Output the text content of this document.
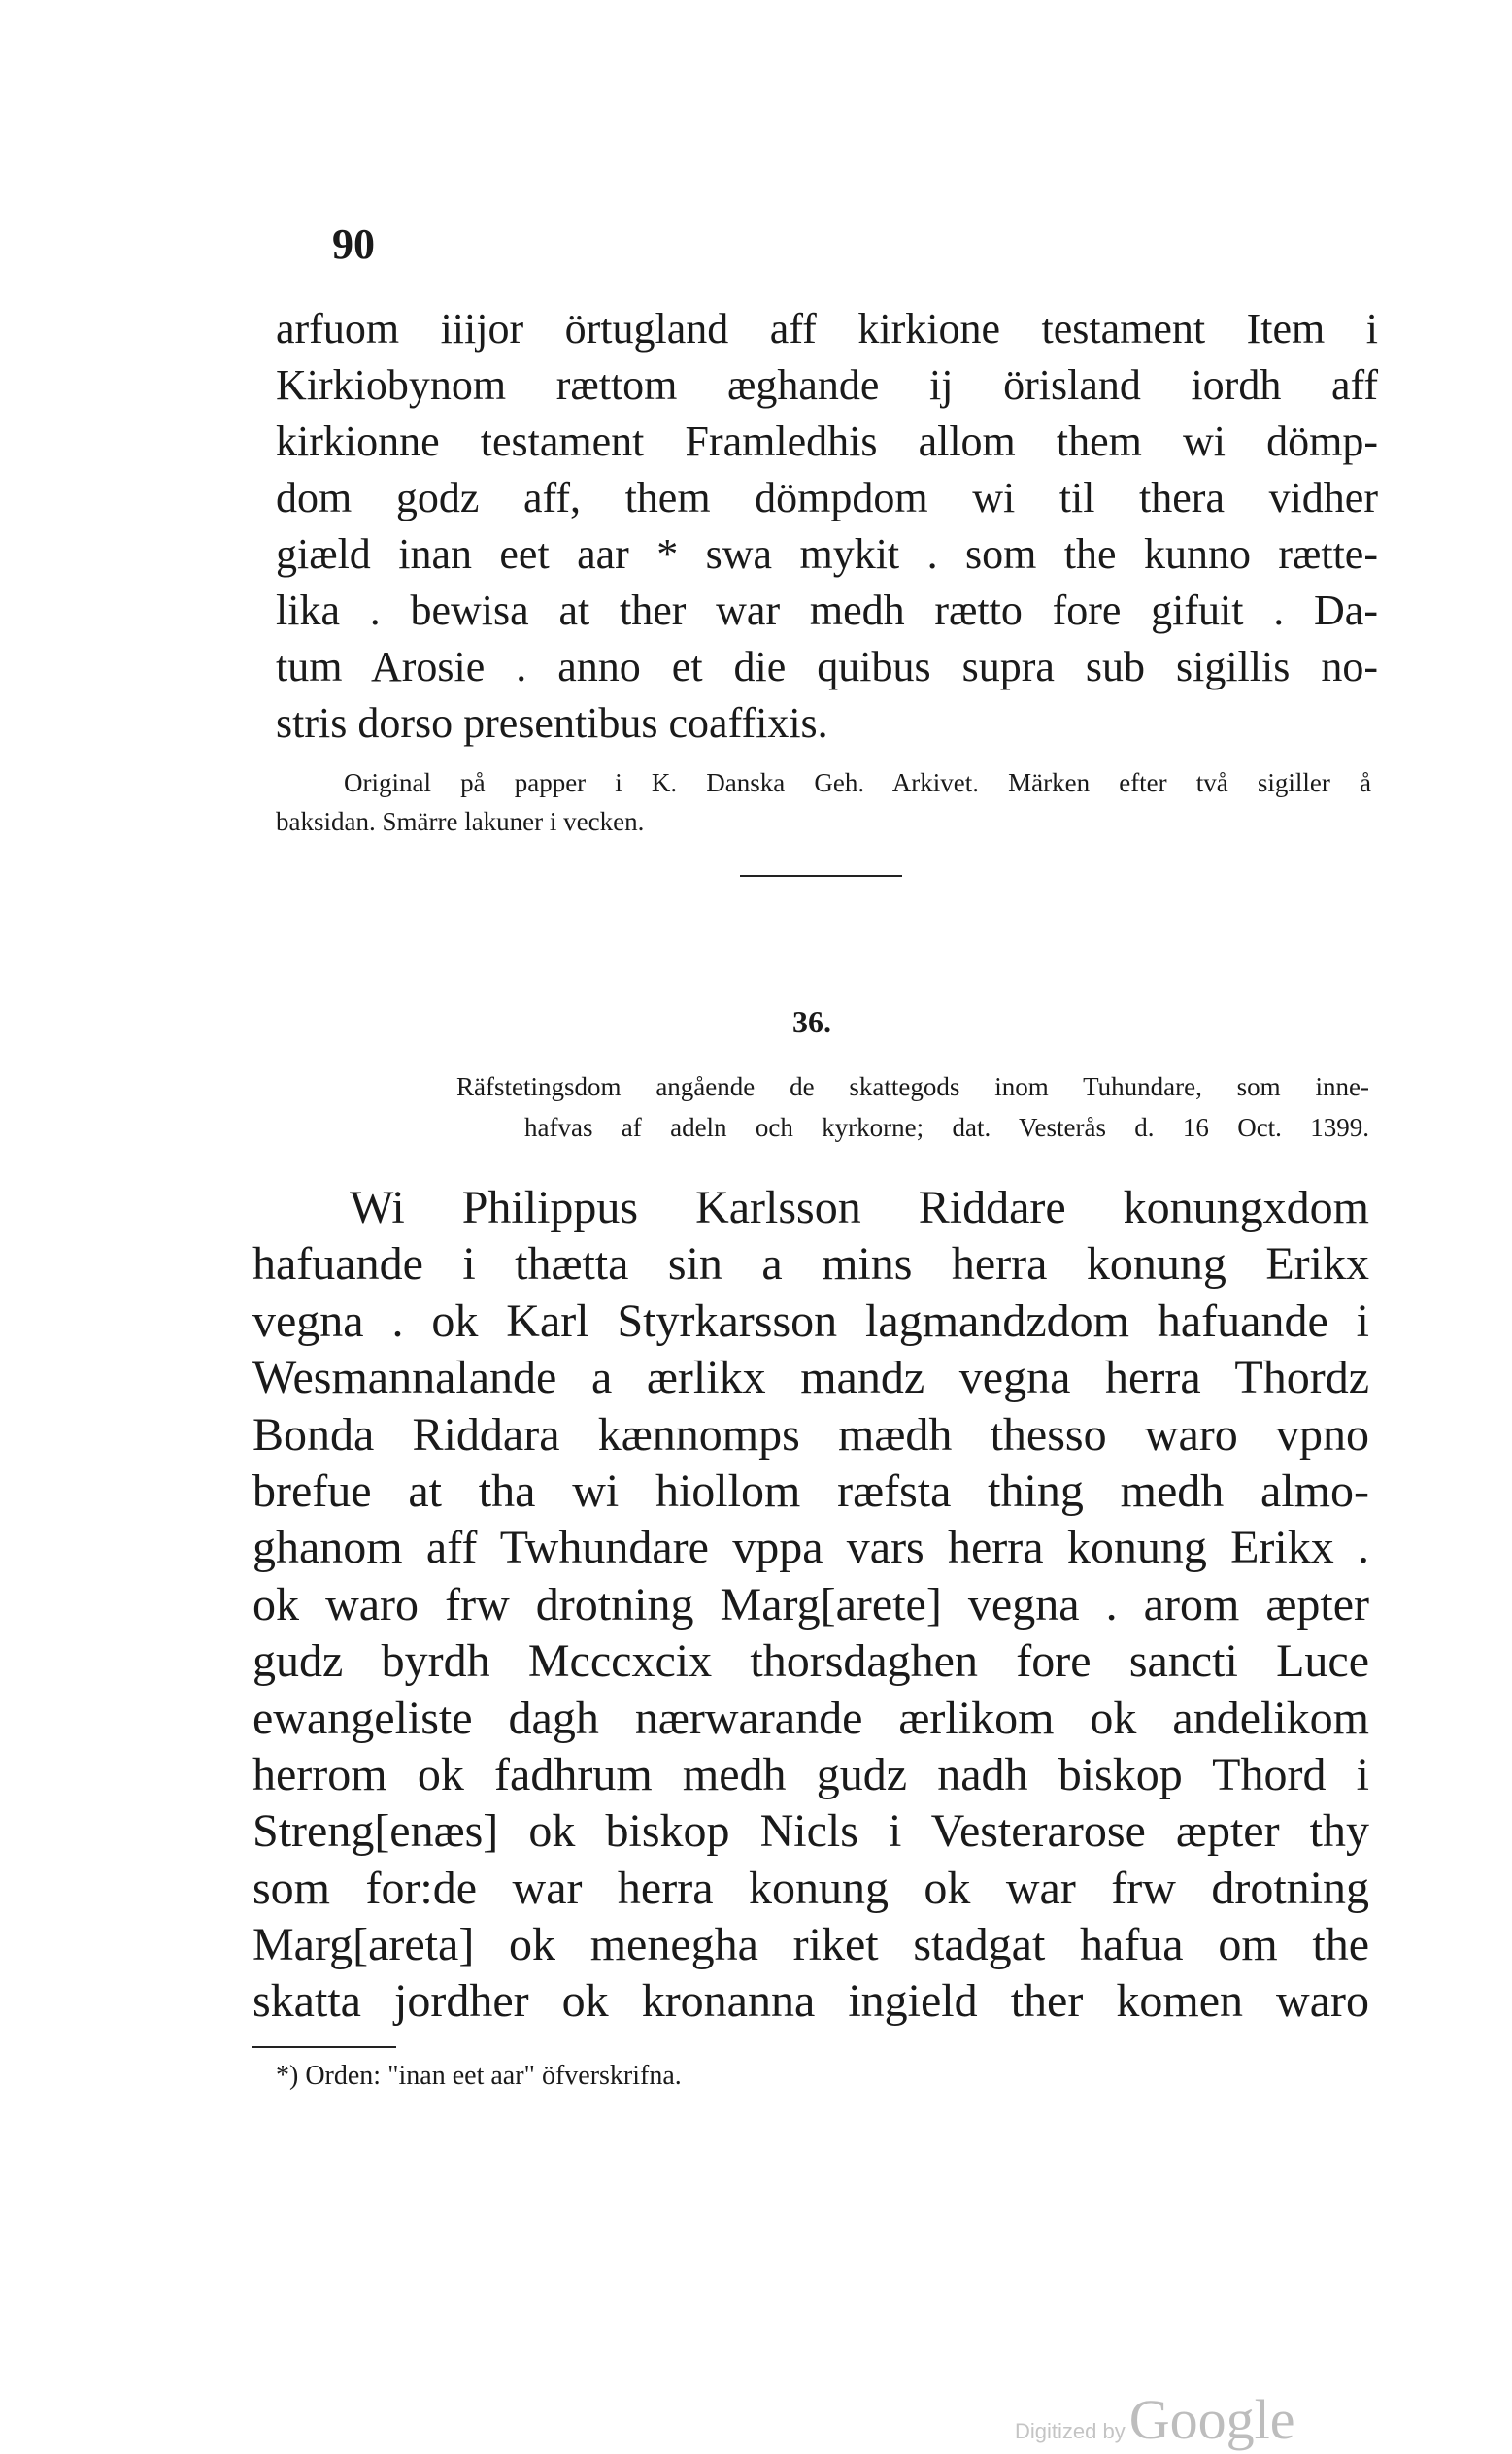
90
arfuom iiijor örtugland aff kirkione testament Item i
Kirkiobynom rættom æghande ij örisland iordh aff
kirkionne testament Framledhis allom them wi dömp-
dom godz aff, them dömpdom wi til thera vidher
giæld inan eet aar * swa mykit . som the kunno rætte-
lika . bewisa at ther war medh rætto fore gifuit . Da-
tum Arosie . anno et die quibus supra sub sigillis no-
stris dorso presentibus coaffixis.
Original på papper i K. Danska Geh. Arkivet. Märken efter två sigiller å
baksidan. Smärre lakuner i vecken.
36.
Räfstetingsdom angående de skattegods inom Tuhundare, som inne-
hafvas af adeln och kyrkorne; dat. Vesterås d. 16 Oct. 1399.
Wi Philippus Karlsson Riddare konungxdom
hafuande i thætta sin a mins herra konung Erikx
vegna . ok Karl Styrkarsson lagmandzdom hafuande i
Wesmannalande a ærlikx mandz vegna herra Thordz
Bonda Riddara kænnomps mædh thesso waro vpno
brefue at tha wi hiollom ræfsta thing medh almo-
ghanom aff Twhundare vppa vars herra konung Erikx .
ok waro frw drotning Marg[arete] vegna . arom æpter
gudz byrdh Mcccxcix thorsdaghen fore sancti Luce
ewangeliste dagh nærwarande ærlikom ok andelikom
herrom ok fadhrum medh gudz nadh biskop Thord i
Streng[enæs] ok biskop Nicls i Vesterarose æpter thy
som for:de war herra konung ok war frw drotning
Marg[areta] ok menegha riket stadgat hafua om the
skatta jordher ok kronanna ingield ther komen waro
*) Orden: "inan eet aar" öfverskrifna.
Digitized byGoogle
